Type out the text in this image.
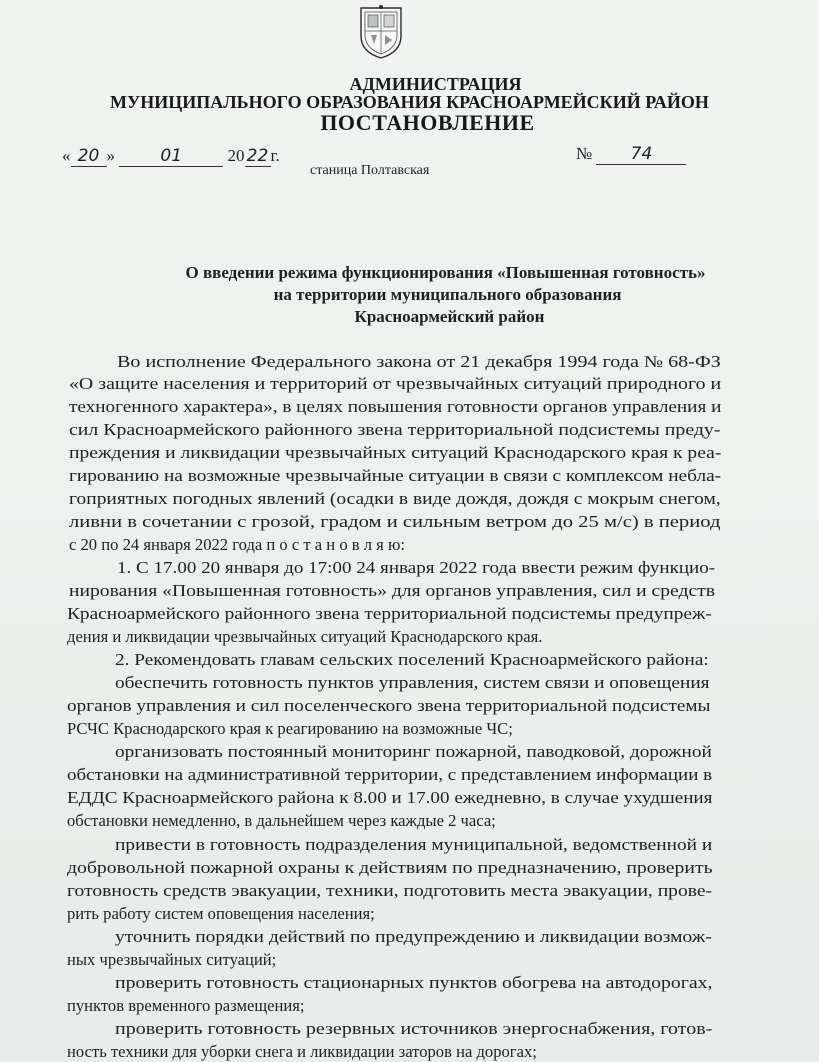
АДМИНИСТРАЦИЯ
МУНИЦИПАЛЬНОГО ОБРАЗОВАНИЯ КРАСНОАРМЕЙСКИЙ РАЙОН
ПОСТАНОВЛЕНИЕ
« 20 »	01	20 22 г.	№ 74
станица Полтавская
О введении режима функционирования «Повышенная готовность»
на территории муниципального образования
Красноармейский район
Во исполнение Федерального закона от 21 декабря 1994 года № 68-ФЗ
«О защите населения и территорий от чрезвычайных ситуаций природного и
техногенного характера», в целях повышения готовности органов управления и
сил Красноармейского районного звена территориальной подсистемы преду-
преждения и ликвидации чрезвычайных ситуаций Краснодарского края к реа-
гированию на возможные чрезвычайные ситуации в связи с комплексом небла-
гоприятных погодных явлений (осадки в виде дождя, дождя с мокрым снегом,
ливни в сочетании с грозой, градом и сильным ветром до 25 м/с) в период
с 20 по 24 января 2022 года п о с т а н о в л я ю:
1. С 17.00 20 января до 17:00 24 января 2022 года ввести режим функцио-
нирования «Повышенная готовность» для органов управления, сил и средств
Красноармейского районного звена территориальной подсистемы предупреж-
дения и ликвидации чрезвычайных ситуаций Краснодарского края.
2. Рекомендовать главам сельских поселений Красноармейского района:
обеспечить готовность пунктов управления, систем связи и оповещения
органов управления и сил поселенческого звена территориальной подсистемы
РСЧС Краснодарского края к реагированию на возможные ЧС;
организовать постоянный мониторинг пожарной, паводковой, дорожной
обстановки на административной территории, с представлением информации в
ЕДДС Красноармейского района к 8.00 и 17.00 ежедневно, в случае ухудшения
обстановки немедленно, в дальнейшем через каждые 2 часа;
привести в готовность подразделения муниципальной, ведомственной и
добровольной пожарной охраны к действиям по предназначению, проверить
готовность средств эвакуации, техники, подготовить места эвакуации, прове-
рить работу систем оповещения населения;
уточнить порядки действий по предупреждению и ликвидации возмож-
ных чрезвычайных ситуаций;
проверить готовность стационарных пунктов обогрева на автодорогах,
пунктов временного размещения;
проверить готовность резервных источников энергоснабжения, готов-
ность техники для уборки снега и ликвидации заторов на дорогах;
